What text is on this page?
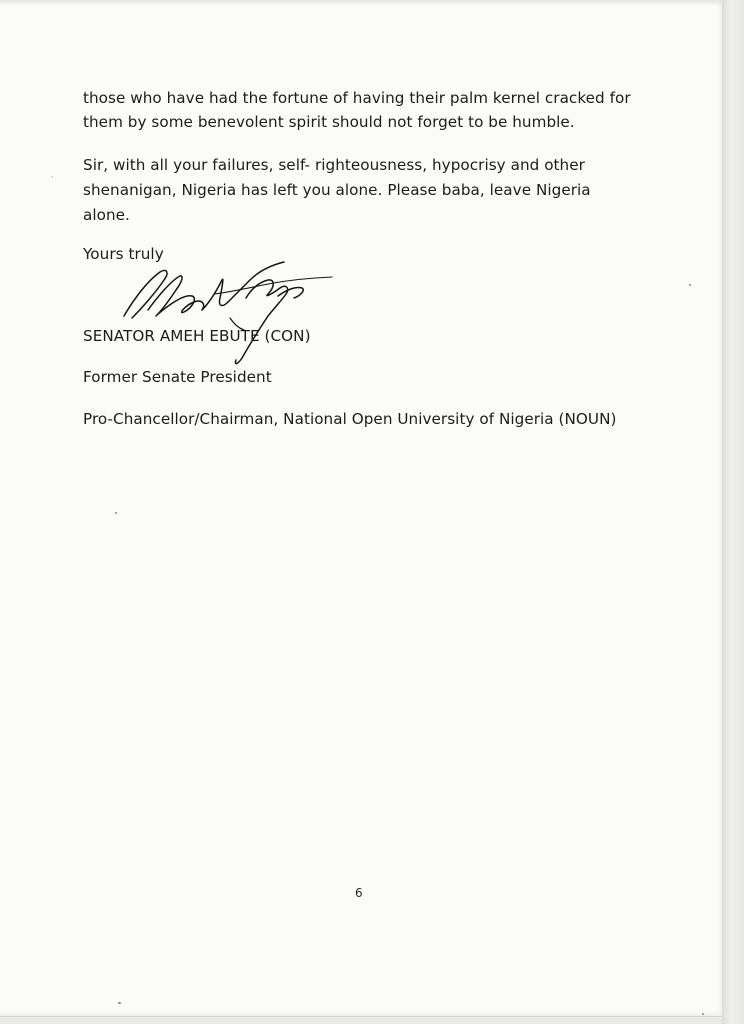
those who have had the fortune of having their palm kernel cracked for

them by some benevolent spirit should not forget to be humble.

Sir, with all your failures, self- righteousness, hypocrisy and other

shenanigan, Nigeria has left you alone. Please baba, leave Nigeria

alone.

Yours truly

SENATOR AMEH EBUTE (CON)

Former Senate President

Pro-Chancellor/Chairman, National Open University of Nigeria (NOUN)

6
